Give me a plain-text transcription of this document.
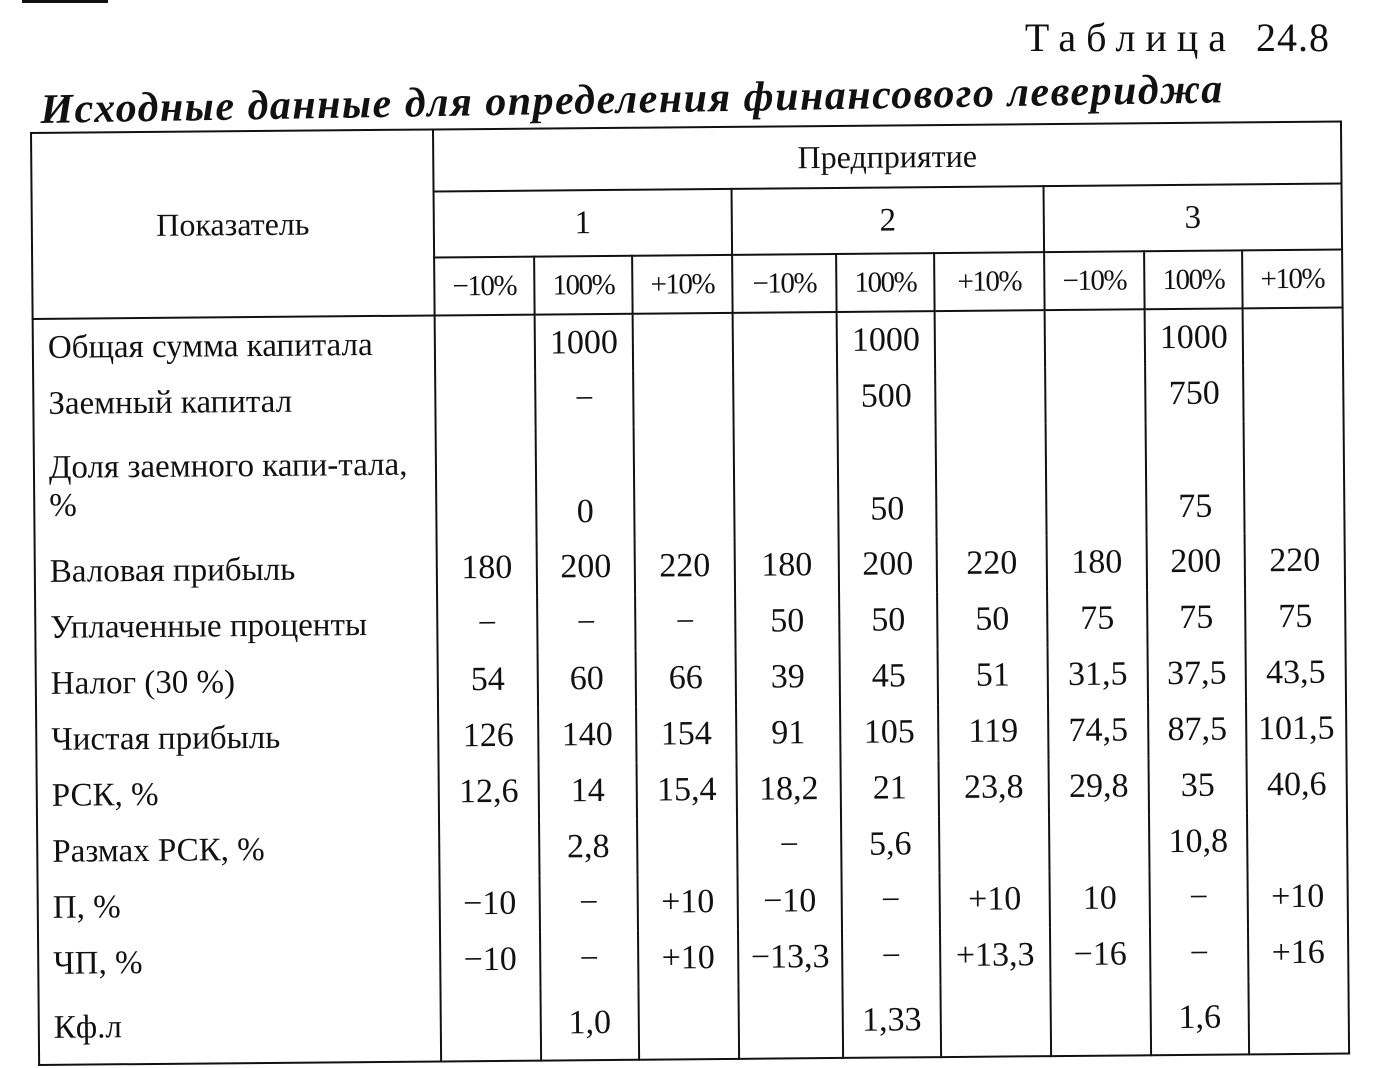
Таблица 24.8
Исходные данные для определения финансового левериджа
Показатель	Предприятие								
	1			2			3		
	−10%	100%	+10%	−10%	100%	+10%	−10%	100%	+10%
Общая сумма капитала		1000			1000			1000	
Заемный капитал		−			500			750	
Доля заемного капи-тала, %		0			50			75	
Валовая прибыль	180	200	220	180	200	220	180	200	220
Уплаченные проценты	−	−	−	50	50	50	75	75	75
Налог (30 %)	54	60	66	39	45	51	31,5	37,5	43,5
Чистая прибыль	126	140	154	91	105	119	74,5	87,5	101,5
РСК, %	12,6	14	15,4	18,2	21	23,8	29,8	35	40,6
Размах РСК, %		2,8		−	5,6			10,8	
П, %	−10	−	+10	−10	−	+10	10	−	+10
ЧП, %	−10	−	+10	−13,3	−	+13,3	−16	−	+16
Кф.л		1,0			1,33			1,6	
